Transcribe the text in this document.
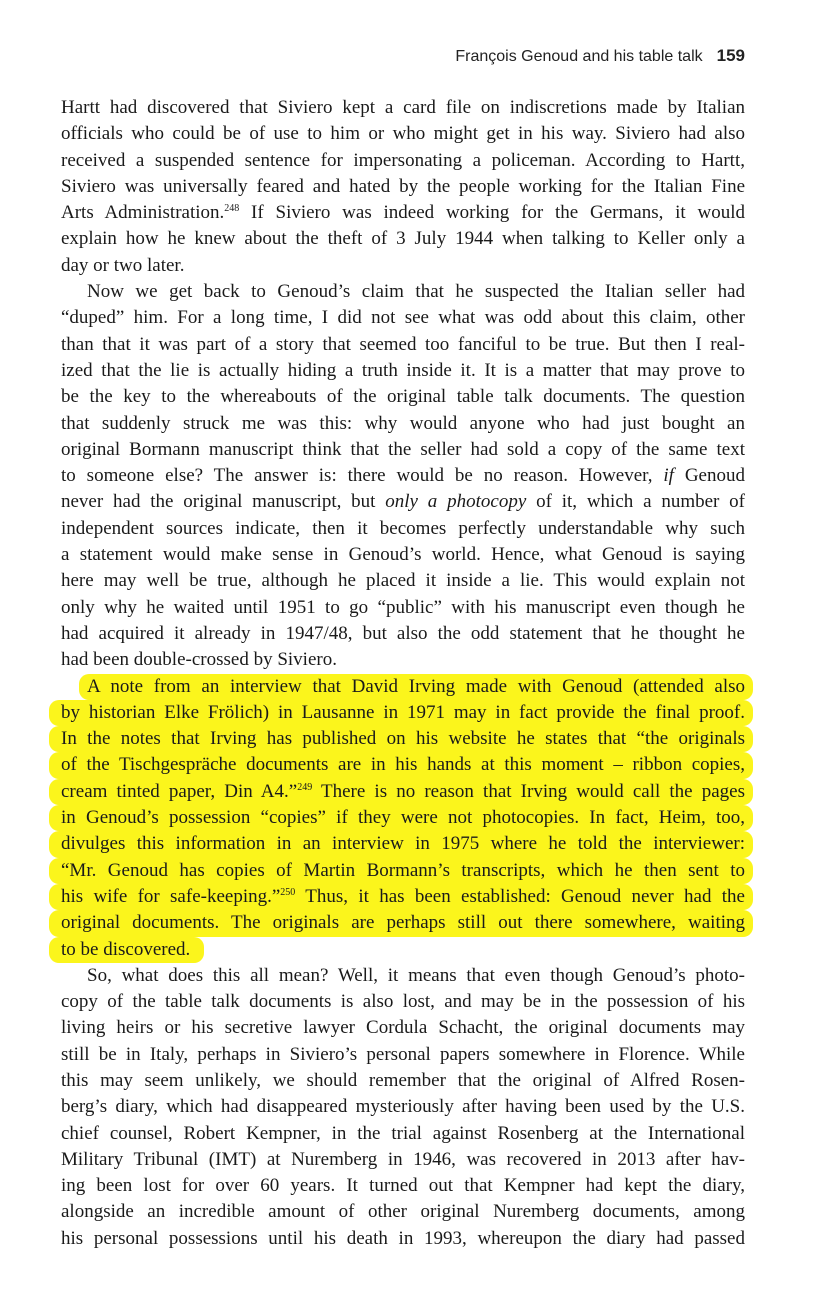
François Genoud and his table talk 159
Hartt had discovered that Siviero kept a card file on indiscretions made by Italian
officials who could be of use to him or who might get in his way. Siviero had also
received a suspended sentence for impersonating a policeman. According to Hartt,
Siviero was universally feared and hated by the people working for the Italian Fine
Arts Administration.$^{248}$ If Siviero was indeed working for the Germans, it would
explain how he knew about the theft of 3 July 1944 when talking to Keller only a
day or two later.
Now we get back to Genoud’s claim that he suspected the Italian seller had
“duped” him. For a long time, I did not see what was odd about this claim, other
than that it was part of a story that seemed too fanciful to be true. But then I real-
ized that the lie is actually hiding a truth inside it. It is a matter that may prove to
be the key to the whereabouts of the original table talk documents. The question
that suddenly struck me was this: why would anyone who had just bought an
original Bormann manuscript think that the seller had sold a copy of the same text
to someone else? The answer is: there would be no reason. However, if Genoud
never had the original manuscript, but only a photocopy of it, which a number of
independent sources indicate, then it becomes perfectly understandable why such
a statement would make sense in Genoud’s world. Hence, what Genoud is saying
here may well be true, although he placed it inside a lie. This would explain not
only why he waited until 1951 to go “public” with his manuscript even though he
had acquired it already in 1947/48, but also the odd statement that he thought he
had been double-crossed by Siviero.
A note from an interview that David Irving made with Genoud (attended also
by historian Elke Frölich) in Lausanne in 1971 may in fact provide the final proof.
In the notes that Irving has published on his website he states that “the originals
of the Tischgespräche documents are in his hands at this moment – ribbon copies,
cream tinted paper, Din A4.”$^{249}$ There is no reason that Irving would call the pages
in Genoud’s possession “copies” if they were not photocopies. In fact, Heim, too,
divulges this information in an interview in 1975 where he told the interviewer:
“Mr. Genoud has copies of Martin Bormann’s transcripts, which he then sent to
his wife for safe-keeping.”$^{250}$ Thus, it has been established: Genoud never had the
original documents. The originals are perhaps still out there somewhere, waiting
to be discovered.
So, what does this all mean? Well, it means that even though Genoud’s photo-
copy of the table talk documents is also lost, and may be in the possession of his
living heirs or his secretive lawyer Cordula Schacht, the original documents may
still be in Italy, perhaps in Siviero’s personal papers somewhere in Florence. While
this may seem unlikely, we should remember that the original of Alfred Rosen-
berg’s diary, which had disappeared mysteriously after having been used by the U.S.
chief counsel, Robert Kempner, in the trial against Rosenberg at the International
Military Tribunal (IMT) at Nuremberg in 1946, was recovered in 2013 after hav-
ing been lost for over 60 years. It turned out that Kempner had kept the diary,
alongside an incredible amount of other original Nuremberg documents, among
his personal possessions until his death in 1993, whereupon the diary had passed
